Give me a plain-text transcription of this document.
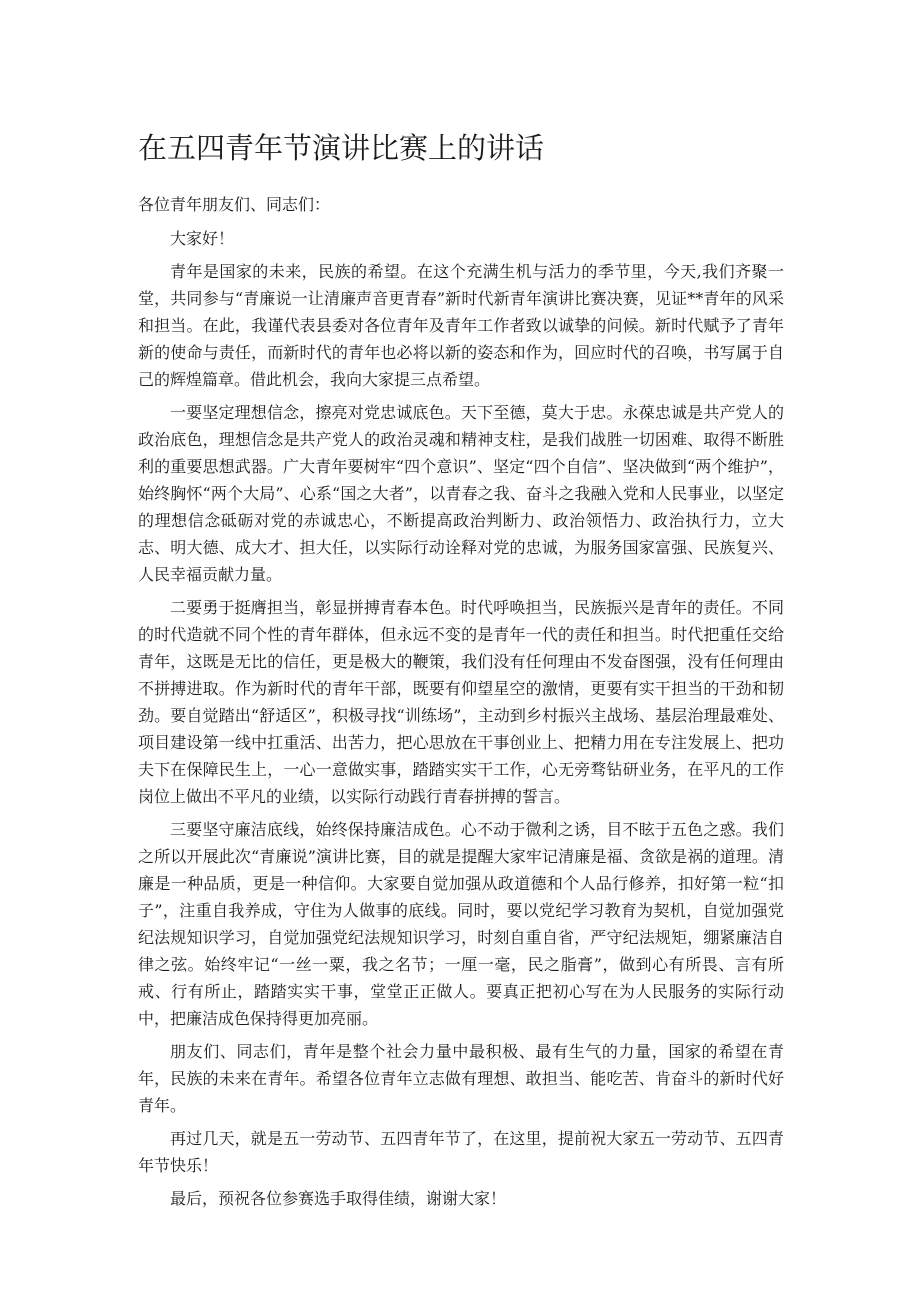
在五四青年节演讲比赛上的讲话

各位青年朋友们、同志们：

大家好！

青年是国家的未来，民族的希望。在这个充满生机与活力的季节里，今天,我们齐聚一堂，共同参与“青廉说一让清廉声音更青春”新时代新青年演讲比赛决赛，见证**青年的风采和担当。在此，我谨代表县委对各位青年及青年工作者致以诚挚的问候。新时代赋予了青年新的使命与责任，而新时代的青年也必将以新的姿态和作为，回应时代的召唤，书写属于自己的辉煌篇章。借此机会，我向大家提三点希望。

一要坚定理想信念，擦亮对党忠诚底色。天下至德，莫大于忠。永葆忠诚是共产党人的政治底色，理想信念是共产党人的政治灵魂和精神支柱，是我们战胜一切困难、取得不断胜利的重要思想武器。广大青年要树牢“四个意识”、坚定“四个自信”、坚决做到“两个维护”，始终胸怀“两个大局”、心系“国之大者”，以青春之我、奋斗之我融入党和人民事业，以坚定的理想信念砥砺对党的赤诚忠心，不断提高政治判断力、政治领悟力、政治执行力，立大志、明大德、成大才、担大任，以实际行动诠释对党的忠诚，为服务国家富强、民族复兴、人民幸福贡献力量。

二要勇于挺膺担当，彰显拼搏青春本色。时代呼唤担当，民族振兴是青年的责任。不同的时代造就不同个性的青年群体，但永远不变的是青年一代的责任和担当。时代把重任交给青年，这既是无比的信任，更是极大的鞭策，我们没有任何理由不发奋图强，没有任何理由不拼搏进取。作为新时代的青年干部，既要有仰望星空的激情，更要有实干担当的干劲和韧劲。要自觉踏出“舒适区”，积极寻找“训练场”，主动到乡村振兴主战场、基层治理最难处、项目建设第一线中扛重活、出苦力，把心思放在干事创业上、把精力用在专注发展上、把功夫下在保障民生上，一心一意做实事，踏踏实实干工作，心无旁骛钻研业务，在平凡的工作岗位上做出不平凡的业绩，以实际行动践行青春拼搏的誓言。

三要坚守廉洁底线，始终保持廉洁成色。心不动于微利之诱，目不眩于五色之惑。我们之所以开展此次“青廉说”演讲比赛，目的就是提醒大家牢记清廉是福、贪欲是祸的道理。清廉是一种品质，更是一种信仰。大家要自觉加强从政道德和个人品行修养，扣好第一粒“扣子”，注重自我养成，守住为人做事的底线。同时，要以党纪学习教育为契机，自觉加强党纪法规知识学习，自觉加强党纪法规知识学习，时刻自重自省，严守纪法规矩，绷紧廉洁自律之弦。始终牢记“一丝一粟，我之名节；一厘一毫，民之脂膏”，做到心有所畏、言有所戒、行有所止，踏踏实实干事，堂堂正正做人。要真正把初心写在为人民服务的实际行动中，把廉洁成色保持得更加亮丽。

朋友们、同志们，青年是整个社会力量中最积极、最有生气的力量，国家的希望在青年，民族的未来在青年。希望各位青年立志做有理想、敢担当、能吃苦、肯奋斗的新时代好青年。

再过几天，就是五一劳动节、五四青年节了，在这里，提前祝大家五一劳动节、五四青年节快乐！

最后，预祝各位参赛选手取得佳绩，谢谢大家！
